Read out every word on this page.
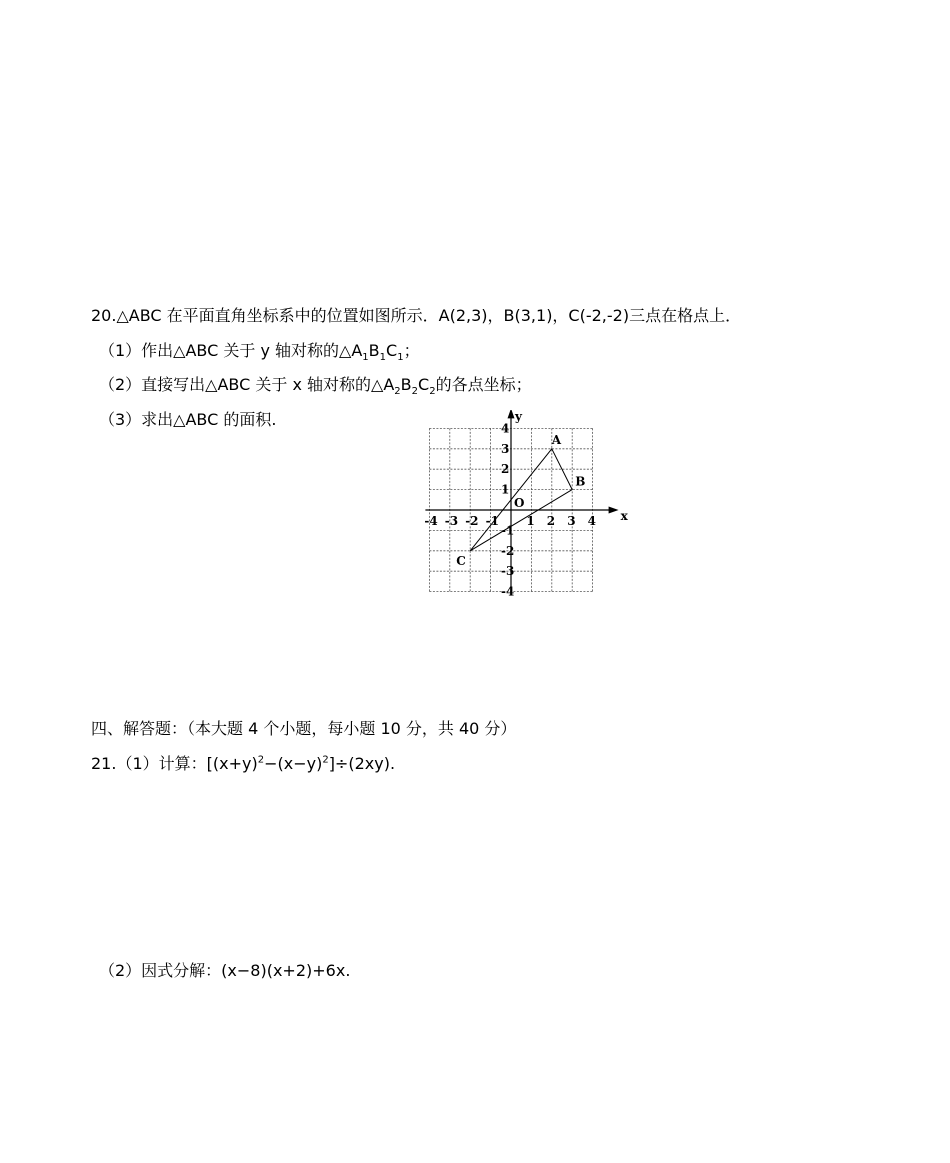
20.△ABC 在平面直角坐标系中的位置如图所示．A(2,3)，B(3,1)，C(-2,-2)三点在格点上．
（1）作出△ABC 关于 y 轴对称的$\triangle A_1B_1C_1$；
（2）直接写出△ABC 关于 x 轴对称的$\triangle A_2B_2C_2$的各点坐标；
（3）求出△ABC 的面积.
-4 -3 -2 -1 1 2 3 4
4
3
2
1
-1
-2
-3
-4
x
y
O
A
B
C
四、解答题：（本大题 4 个小题，每小题 10 分，共 40 分）
21.（1）计算：$[(x+y)^2-(x-y)^2]\div(2xy)$.
（2）因式分解：(x−8)(x+2)+6x.
